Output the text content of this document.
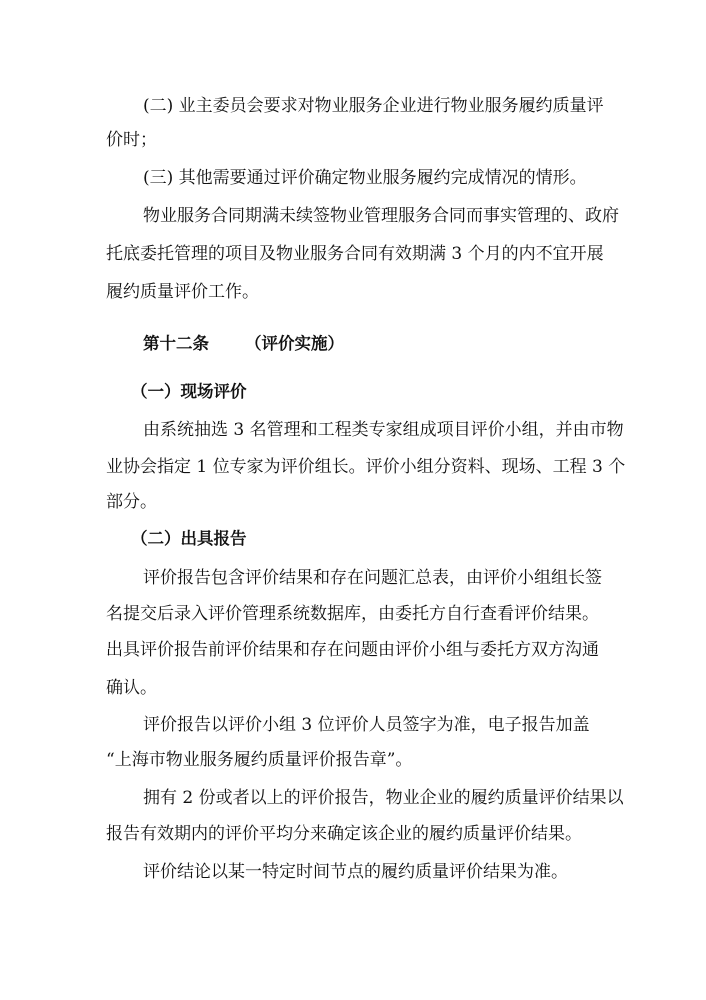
(二) 业主委员会要求对物业服务企业进行物业服务履约质量评

价时；

(三) 其他需要通过评价确定物业服务履约完成情况的情形。

物业服务合同期满未续签物业管理服务合同而事实管理的、政府

托底委托管理的项目及物业服务合同有效期满 3 个月的内不宜开展

履约质量评价工作。

第十二条 （评价实施）

（一）现场评价

由系统抽选 3 名管理和工程类专家组成项目评价小组，并由市物

业协会指定 1 位专家为评价组长。评价小组分资料、现场、工程 3 个

部分。

（二）出具报告

评价报告包含评价结果和存在问题汇总表，由评价小组组长签

名提交后录入评价管理系统数据库，由委托方自行查看评价结果。

出具评价报告前评价结果和存在问题由评价小组与委托方双方沟通

确认。

评价报告以评价小组 3 位评价人员签字为准，电子报告加盖

“上海市物业服务履约质量评价报告章”。

拥有 2 份或者以上的评价报告，物业企业的履约质量评价结果以

报告有效期内的评价平均分来确定该企业的履约质量评价结果。

评价结论以某一特定时间节点的履约质量评价结果为准。
